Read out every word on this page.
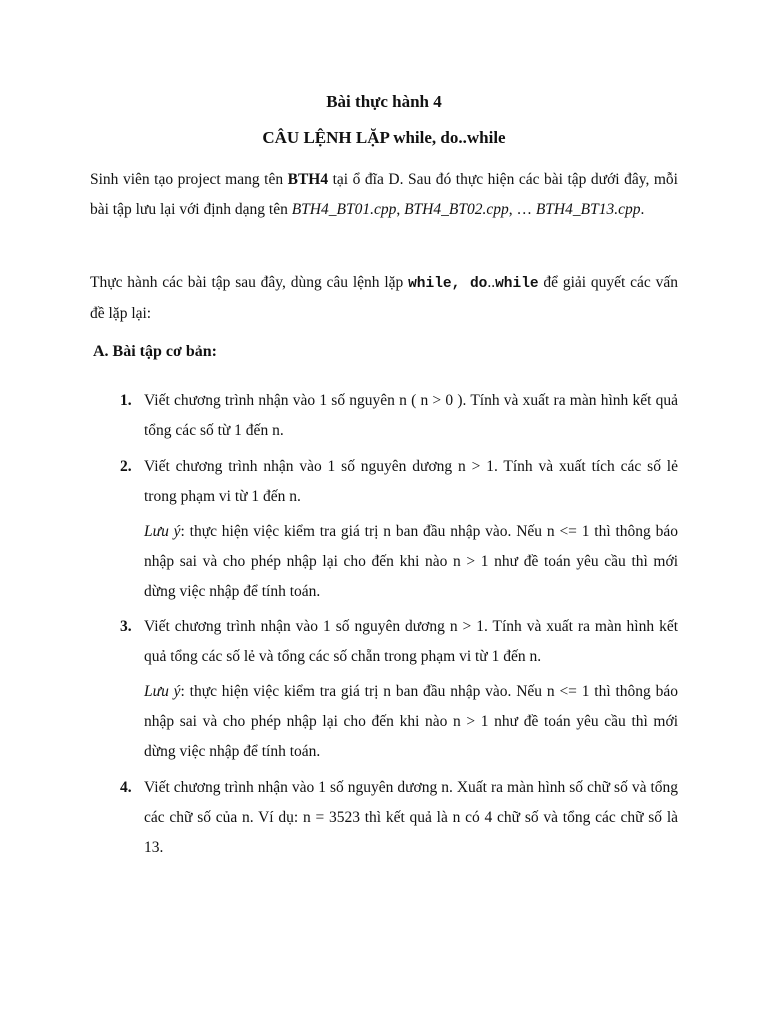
Bài thực hành 4
CÂU LỆNH LẶP while, do..while
Sinh viên tạo project mang tên BTH4 tại ổ đĩa D. Sau đó thực hiện các bài tập dưới đây, mỗi bài tập lưu lại với định dạng tên BTH4_BT01.cpp, BTH4_BT02.cpp, … BTH4_BT13.cpp.
Thực hành các bài tập sau đây, dùng câu lệnh lặp while, do..while để giải quyết các vấn đề lặp lại:
A. Bài tập cơ bản:
1. Viết chương trình nhận vào 1 số nguyên n ( n > 0 ). Tính và xuất ra màn hình kết quả tổng các số từ 1 đến n.
2. Viết chương trình nhận vào 1 số nguyên dương n > 1. Tính và xuất tích các số lẻ trong phạm vi từ 1 đến n.
Lưu ý: thực hiện việc kiểm tra giá trị n ban đầu nhập vào. Nếu n <= 1 thì thông báo nhập sai và cho phép nhập lại cho đến khi nào n > 1 như đề toán yêu cầu thì mới dừng việc nhập để tính toán.
3. Viết chương trình nhận vào 1 số nguyên dương n > 1. Tính và xuất ra màn hình kết quả tổng các số lẻ và tổng các số chẵn trong phạm vi từ 1 đến n.
Lưu ý: thực hiện việc kiểm tra giá trị n ban đầu nhập vào. Nếu n <= 1 thì thông báo nhập sai và cho phép nhập lại cho đến khi nào n > 1 như đề toán yêu cầu thì mới dừng việc nhập để tính toán.
4. Viết chương trình nhận vào 1 số nguyên dương n. Xuất ra màn hình số chữ số và tổng các chữ số của n. Ví dụ: n = 3523 thì kết quả là n có 4 chữ số và tổng các chữ số là 13.
